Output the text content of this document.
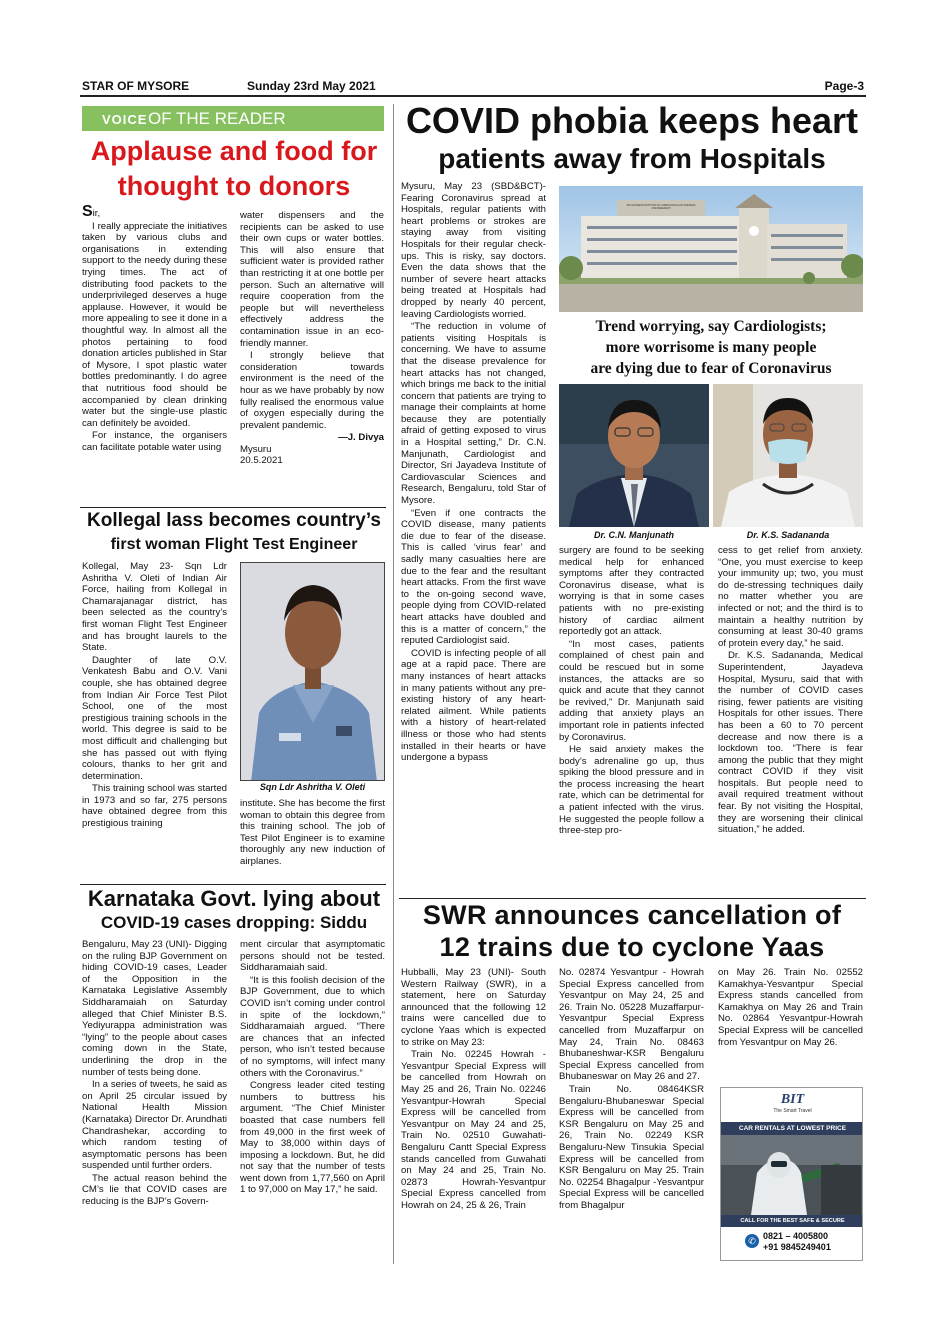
STAR OF MYSORE	Sunday 23rd May 2021	Page-3
VOICE OF THE READER
Applause and food for
thought to donors

Sir,

I really appreciate the initiatives taken by various clubs and organisations in extending support to the needy during these trying times. The act of distributing food packets to the underprivileged deserves a huge applause. However, it would be more appealing to see it done in a thoughtful way. In almost all the photos pertaining to food donation articles published in Star of Mysore, I spot plastic water bottles predominantly. I do agree that nutritious food should be accompanied by clean drinking water but the single-use plastic can definitely be avoided.

For instance, the organisers can facilitate potable water using

water dispensers and the recipients can be asked to use their own cups or water bottles. This will also ensure that sufficient water is provided rather than restricting it at one bottle per person. Such an alternative will require cooperation from the people but will nevertheless effectively address the contamination issue in an eco-friendly manner.

I strongly believe that consideration towards environment is the need of the hour as we have probably by now fully realised the enormous value of oxygen especially during the prevalent pandemic.

—J. Divya
Mysuru
20.5.2021
Kollegal lass becomes country’s
first woman Flight Test Engineer

Kollegal, May 23- Sqn Ldr Ashritha V. Oleti of Indian Air Force, hailing from Kollegal in Chamarajanagar district, has been selected as the country’s first woman Flight Test Engineer and has brought laurels to the State.

Daughter of late O.V. Venkatesh Babu and O.V. Vani couple, she has obtained degree from Indian Air Force Test Pilot School, one of the most prestigious training schools in the world. This degree is said to be most difficult and challenging but she has passed out with flying colours, thanks to her grit and determination.

This training school was started in 1973 and so far, 275 persons have obtained degree from this prestigious training

Sqn Ldr Ashritha V. Oleti

institute. She has become the first woman to obtain this degree from this training school. The job of Test Pilot Engineer is to examine thoroughly any new induction of airplanes.

Karnataka Govt. lying about
COVID-19 cases dropping: Siddu

Bengaluru, May 23 (UNI)- Digging on the ruling BJP Government on hiding COVID-19 cases, Leader of the Opposition in the Karnataka Legislative Assembly Siddharamaiah on Saturday alleged that Chief Minister B.S. Yediyurappa administration was “lying” to the people about cases coming down in the State, underlining the drop in the number of tests being done.

In a series of tweets, he said as on April 25 circular issued by National Health Mission (Karnataka) Director Dr. Arundhati Chandrashekar, according to which random testing of asymptomatic persons has been suspended until further orders.

The actual reason behind the CM’s lie that COVID cases are reducing is the BJP’s Govern-

ment circular that asymptomatic persons should not be tested. Siddharamaiah said.

“It is this foolish decision of the BJP Government, due to which COVID isn’t coming under control in spite of the lockdown,” Siddharamaiah argued. “There are chances that an infected person, who isn’t tested because of no symptoms, will infect many others with the Coronavirus.”

Congress leader cited testing numbers to buttress his argument. “The Chief Minister boasted that case numbers fell from 49,000 in the first week of May to 38,000 within days of imposing a lockdown. But, he did not say that the number of tests went down from 1,77,560 on April 1 to 97,000 on May 17,” he said.

COVID phobia keeps heart
patients away from Hospitals

Mysuru, May 23 (SBD&BCT)- Fearing Coronavirus spread at Hospitals, regular patients with heart problems or strokes are staying away from visiting Hospitals for their regular check-ups. This is risky, say doctors. Even the data shows that the number of severe heart attacks being treated at Hospitals had dropped by nearly 40 percent, leaving Cardiologists worried.

“The reduction in volume of patients visiting Hospitals is concerning. We have to assume that the disease prevalence for heart attacks has not changed, which brings me back to the initial concern that patients are trying to manage their complaints at home because they are potentially afraid of getting exposed to virus in a Hospital setting,” Dr. C.N. Manjunath, Cardiologist and Director, Sri Jayadeva Institute of Cardiovascular Sciences and Research, Bengaluru, told Star of Mysore.

“Even if one contracts the COVID disease, many patients die due to fear of the disease. This is called ‘virus fear’ and sadly many casualties here are due to the fear and the resultant heart attacks. From the first wave to the on-going second wave, people dying from COVID-related heart attacks have doubled and this is a matter of concern,” the reputed Cardiologist said.

COVID is infecting people of all age at a rapid pace. There are many instances of heart attacks in many patients without any pre-existing history of any heart-related ailment. While patients with a history of heart-related illness or those who had stents installed in their hearts or have undergone a bypass

SRI JAYADEVA INSTITUTE OF CARDIOVASCULAR SCIENCES AND RESEARCH
Trend worrying, say Cardiologists;
more worrisome is many people
are dying due to fear of Coronavirus
Dr. C.N. Manjunath	Dr. K.S. Sadananda

surgery are found to be seeking medical help for enhanced symptoms after they contracted Coronavirus disease, what is worrying is that in some cases patients with no pre-existing history of cardiac ailment reportedly got an attack.

“In most cases, patients complained of chest pain and could be rescued but in some instances, the attacks are so quick and acute that they cannot be revived,” Dr. Manjunath said adding that anxiety plays an important role in patients infected by Coronavirus.

He said anxiety makes the body’s adrenaline go up, thus spiking the blood pressure and in the process increasing the heart rate, which can be detrimental for a patient infected with the virus. He suggested the people follow a three-step pro-

cess to get relief from anxiety. “One, you must exercise to keep your immunity up; two, you must do de-stressing techniques daily no matter whether you are infected or not; and the third is to maintain a healthy nutrition by consuming at least 30-40 grams of protein every day,” he said.

Dr. K.S. Sadananda, Medical Superintendent, Jayadeva Hospital, Mysuru, said that with the number of COVID cases rising, fewer patients are visiting Hospitals for other issues. There has been a 60 to 70 percent decrease and now there is a lockdown too. “There is fear among the public that they might contract COVID if they visit hospitals. But people need to avail required treatment without fear. By not visiting the Hospital, they are worsening their clinical situation,” he added.

SWR announces cancellation of
12 trains due to cyclone Yaas

Hubballi, May 23 (UNI)- South Western Railway (SWR), in a statement, here on Saturday announced that the following 12 trains were cancelled due to cyclone Yaas which is expected to strike on May 23:

Train No. 02245 Howrah - Yesvantpur Special Express will be cancelled from Howrah on May 25 and 26, Train No. 02246 Yesvantpur-Howrah Special Express will be cancelled from Yesvantpur on May 24 and 25, Train No. 02510 Guwahati-Bengaluru Cantt Special Express stands cancelled from Guwahati on May 24 and 25, Train No. 02873 Howrah-Yesvantpur Special Express cancelled from Howrah on 24, 25 & 26, Train

No. 02874 Yesvantpur - Howrah Special Express cancelled from Yesvantpur on May 24, 25 and 26. Train No. 05228 Muzaffarpur-Yesvantpur Special Express cancelled from Muzaffarpur on May 24, Train No. 08463 Bhubaneshwar-KSR Bengaluru Special Express cancelled from Bhubaneswar on May 26 and 27.

Train No. 08464KSR Bengaluru-Bhubaneswar Special Express will be cancelled from KSR Bengaluru on May 25 and 26, Train No. 02249 KSR Bengaluru-New Tinsukia Special Express will be cancelled from KSR Bengaluru on May 25. Train No. 02254 Bhagalpur -Yesvantpur Special Express will be cancelled from Bhagalpur

on May 26. Train No. 02552 Kamakhya-Yesvantpur Special Express stands cancelled from Kamakhya on May 26 and Train No. 02864 Yesvantpur-Howrah Special Express will be cancelled from Yesvantpur on May 26.

BIT
The Smart Travel
CAR RENTALS AT LOWEST PRICE
CALL FOR THE BEST SAFE & SECURE
✆ 0821 – 4005800
+91 9845249401
